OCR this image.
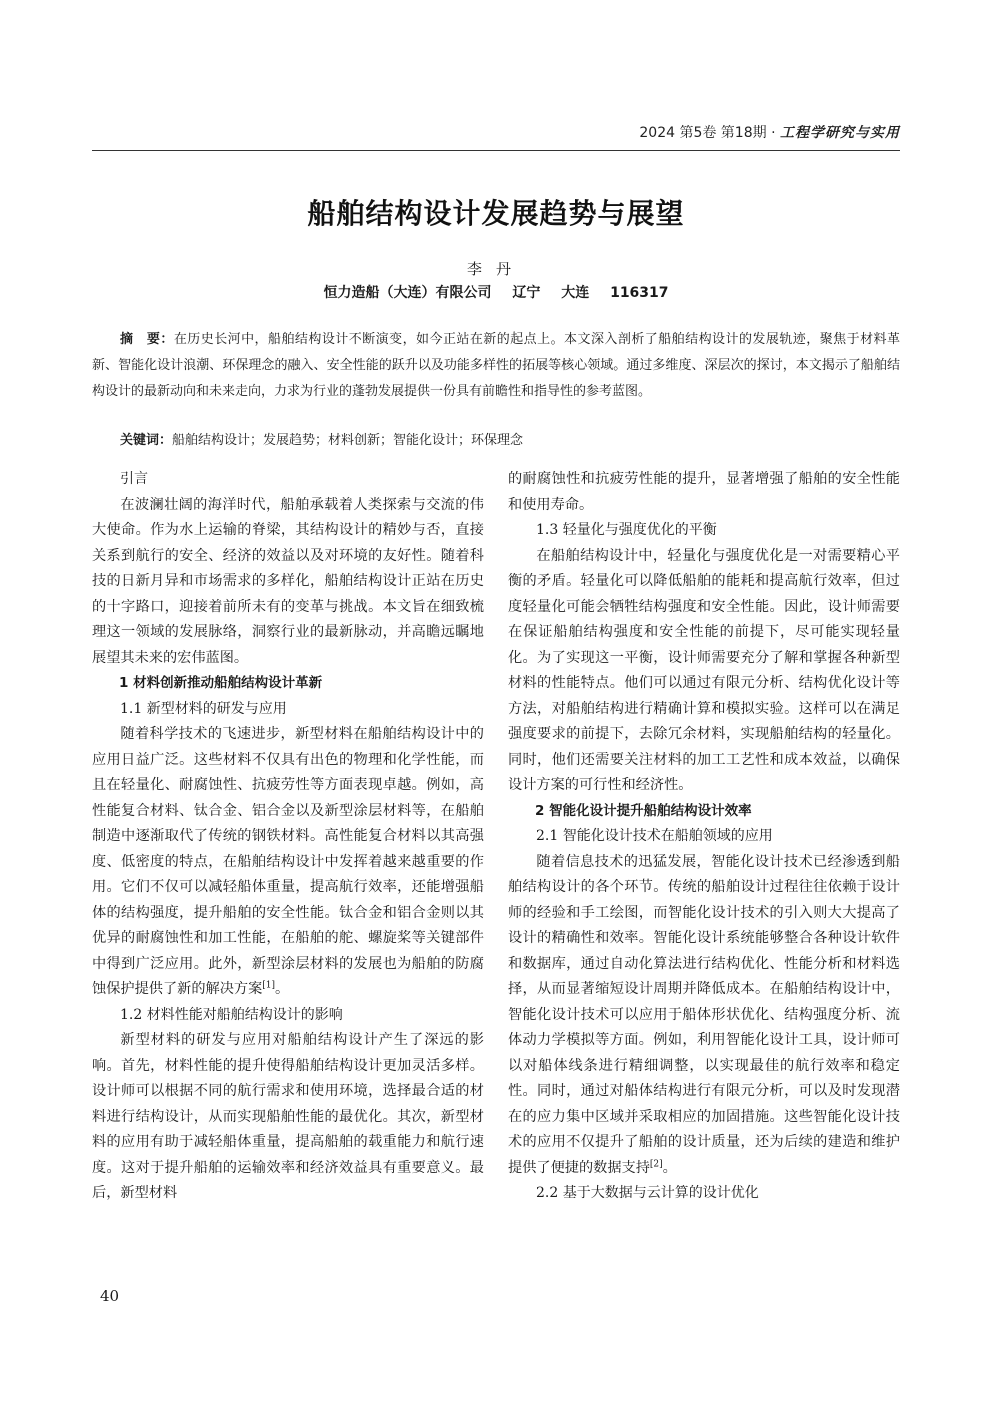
2024 第5卷 第18期 · 工程学研究与实用
船舶结构设计发展趋势与展望
李丹
恒力造船（大连）有限公司 辽宁 大连 116317
摘　要：在历史长河中，船舶结构设计不断演变，如今正站在新的起点上。本文深入剖析了船舶结构设计的发展轨迹，聚焦于材料革新、智能化设计浪潮、环保理念的融入、安全性能的跃升以及功能多样性的拓展等核心领域。通过多维度、深层次的探讨，本文揭示了船舶结构设计的最新动向和未来走向，力求为行业的蓬勃发展提供一份具有前瞻性和指导性的参考蓝图。
关键词：船舶结构设计；发展趋势；材料创新；智能化设计；环保理念
引言

在波澜壮阔的海洋时代，船舶承载着人类探索与交流的伟大使命。作为水上运输的脊梁，其结构设计的精妙与否，直接关系到航行的安全、经济的效益以及对环境的友好性。随着科技的日新月异和市场需求的多样化，船舶结构设计正站在历史的十字路口，迎接着前所未有的变革与挑战。本文旨在细致梳理这一领域的发展脉络，洞察行业的最新脉动，并高瞻远瞩地展望其未来的宏伟蓝图。

1 材料创新推动船舶结构设计革新
1.1 新型材料的研发与应用

随着科学技术的飞速进步，新型材料在船舶结构设计中的应用日益广泛。这些材料不仅具有出色的物理和化学性能，而且在轻量化、耐腐蚀性、抗疲劳性等方面表现卓越。例如，高性能复合材料、钛合金、铝合金以及新型涂层材料等，在船舶制造中逐渐取代了传统的钢铁材料。高性能复合材料以其高强度、低密度的特点，在船舶结构设计中发挥着越来越重要的作用。它们不仅可以减轻船体重量，提高航行效率，还能增强船体的结构强度，提升船舶的安全性能。钛合金和铝合金则以其优异的耐腐蚀性和加工性能，在船舶的舵、螺旋桨等关键部件中得到广泛应用。此外，新型涂层材料的发展也为船舶的防腐蚀保护提供了新的解决方案[1]。

1.2 材料性能对船舶结构设计的影响

新型材料的研发与应用对船舶结构设计产生了深远的影响。首先，材料性能的提升使得船舶结构设计更加灵活多样。设计师可以根据不同的航行需求和使用环境，选择最合适的材料进行结构设计，从而实现船舶性能的最优化。其次，新型材料的应用有助于减轻船体重量，提高船舶的载重能力和航行速度。这对于提升船舶的运输效率和经济效益具有重要意义。最后，新型材料

的耐腐蚀性和抗疲劳性能的提升，显著增强了船舶的安全性能和使用寿命。

1.3 轻量化与强度优化的平衡

在船舶结构设计中，轻量化与强度优化是一对需要精心平衡的矛盾。轻量化可以降低船舶的能耗和提高航行效率，但过度轻量化可能会牺牲结构强度和安全性能。因此，设计师需要在保证船舶结构强度和安全性能的前提下，尽可能实现轻量化。为了实现这一平衡，设计师需要充分了解和掌握各种新型材料的性能特点。他们可以通过有限元分析、结构优化设计等方法，对船舶结构进行精确计算和模拟实验。这样可以在满足强度要求的前提下，去除冗余材料，实现船舶结构的轻量化。同时，他们还需要关注材料的加工工艺性和成本效益，以确保设计方案的可行性和经济性。

2 智能化设计提升船舶结构设计效率
2.1 智能化设计技术在船舶领域的应用

随着信息技术的迅猛发展，智能化设计技术已经渗透到船舶结构设计的各个环节。传统的船舶设计过程往往依赖于设计师的经验和手工绘图，而智能化设计技术的引入则大大提高了设计的精确性和效率。智能化设计系统能够整合各种设计软件和数据库，通过自动化算法进行结构优化、性能分析和材料选择，从而显著缩短设计周期并降低成本。在船舶结构设计中，智能化设计技术可以应用于船体形状优化、结构强度分析、流体动力学模拟等方面。例如，利用智能化设计工具，设计师可以对船体线条进行精细调整，以实现最佳的航行效率和稳定性。同时，通过对船体结构进行有限元分析，可以及时发现潜在的应力集中区域并采取相应的加固措施。这些智能化设计技术的应用不仅提升了船舶的设计质量，还为后续的建造和维护提供了便捷的数据支持[2]。

2.2 基于大数据与云计算的设计优化
40
